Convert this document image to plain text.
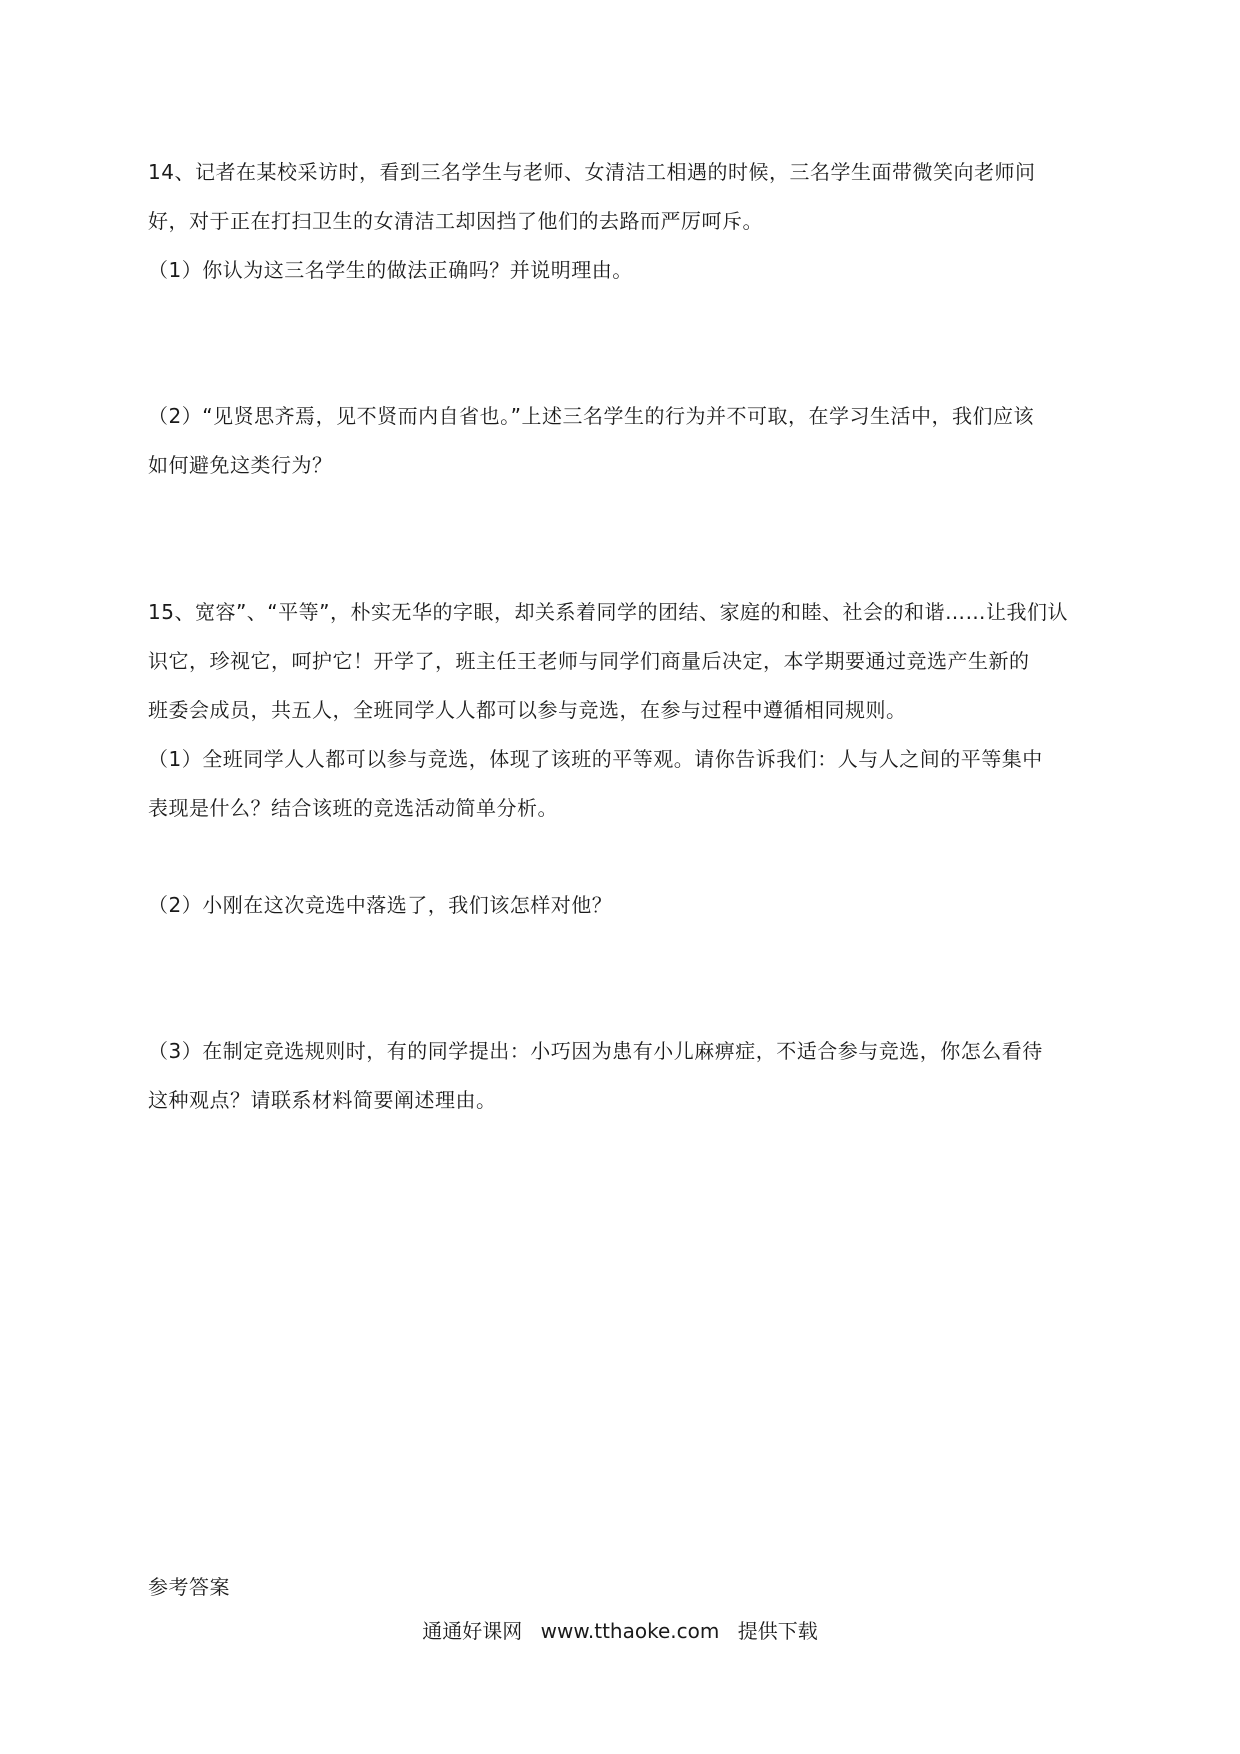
14、记者在某校采访时，看到三名学生与老师、女清洁工相遇的时候，三名学生面带微笑向老师问
好，对于正在打扫卫生的女清洁工却因挡了他们的去路而严厉呵斥。
（1）你认为这三名学生的做法正确吗？并说明理由。
（2）“见贤思齐焉，见不贤而内自省也。”上述三名学生的行为并不可取，在学习生活中，我们应该
如何避免这类行为？
15、宽容”、“平等”，朴实无华的字眼，却关系着同学的团结、家庭的和睦、社会的和谐……让我们认
识它，珍视它，呵护它！开学了，班主任王老师与同学们商量后决定，本学期要通过竞选产生新的
班委会成员，共五人，全班同学人人都可以参与竞选，在参与过程中遵循相同规则。
（1）全班同学人人都可以参与竞选，体现了该班的平等观。请你告诉我们：人与人之间的平等集中
表现是什么？结合该班的竞选活动简单分析。
（2）小刚在这次竞选中落选了，我们该怎样对他？
（3）在制定竞选规则时，有的同学提出：小巧因为患有小儿麻痹症，不适合参与竞选，你怎么看待
这种观点？请联系材料简要阐述理由。
参考答案
通通好课网 www.tthaoke.com 提供下载
